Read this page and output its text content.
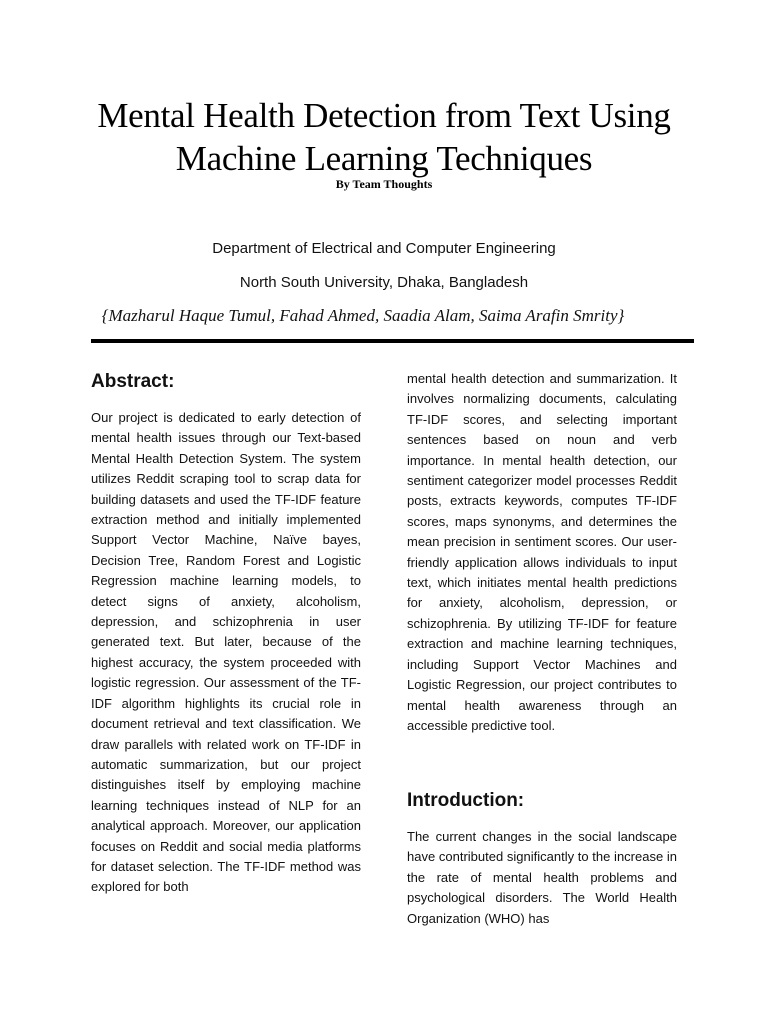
Mental Health Detection from Text Using
Machine Learning Techniques
By Team Thoughts
Department of Electrical and Computer Engineering
North South University, Dhaka, Bangladesh
{Mazharul Haque Tumul, Fahad Ahmed, Saadia Alam, Saima Arafin Smrity}
Abstract:

Our project is dedicated to early detection of mental health issues through our Text-based Mental Health Detection System. The system utilizes Reddit scraping tool to scrap data for building datasets and used the TF-IDF feature extraction method and initially implemented Support Vector Machine, Naïve bayes, Decision Tree, Random Forest and Logistic Regression machine learning models, to detect signs of anxiety, alcoholism, depression, and schizophrenia in user generated text. But later, because of the highest accuracy, the system proceeded with logistic regression. Our assessment of the TF-IDF algorithm highlights its crucial role in document retrieval and text classification. We draw parallels with related work on TF-IDF in automatic summarization, but our project distinguishes itself by employing machine learning techniques instead of NLP for an analytical approach. Moreover, our application focuses on Reddit and social media platforms for dataset selection. The TF-IDF method was explored for both

mental health detection and summarization. It involves normalizing documents, calculating TF-IDF scores, and selecting important sentences based on noun and verb importance. In mental health detection, our sentiment categorizer model processes Reddit posts, extracts keywords, computes TF-IDF scores, maps synonyms, and determines the mean precision in sentiment scores. Our user-friendly application allows individuals to input text, which initiates mental health predictions for anxiety, alcoholism, depression, or schizophrenia. By utilizing TF-IDF for feature extraction and machine learning techniques, including Support Vector Machines and Logistic Regression, our project contributes to mental health awareness through an accessible predictive tool.

Introduction:

The current changes in the social landscape have contributed significantly to the increase in the rate of mental health problems and psychological disorders. The World Health Organization (WHO) has
